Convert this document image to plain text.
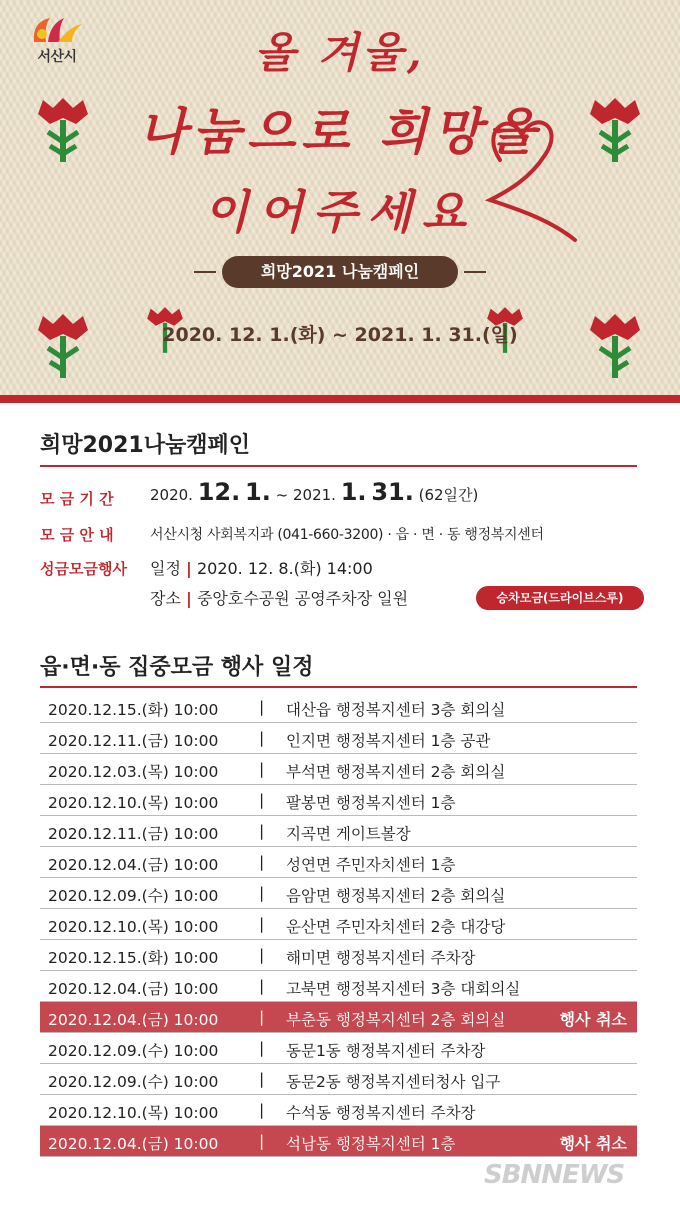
서산시	올 겨울,
나눔으로 희망을
이어주세요
희망2021 나눔캠페인
2020. 12. 1.(화) ~ 2021. 1. 31.(일)
희망2021나눔캠페인
모 금 기 간 2020. 12. 1. ~ 2021. 1. 31. (62일간)
모 금 안 내	서산시청 사회복지과 (041-660-3200) · 읍 · 면 · 동 행정복지센터
성금모금행사 일정 | 2020. 12. 8.(화) 14:00
장소 | 중앙호수공원 공영주차장 일원	승차모금(드라이브스루)
읍·면·동 집중모금 행사 일정
2020.12.15.(화) 10:00	| 대산읍 행정복지센터 3층 회의실
2020.12.11.(금) 10:00	| 인지면 행정복지센터 1층 공관
2020.12.03.(목) 10:00	| 부석면 행정복지센터 2층 회의실
2020.12.10.(목) 10:00	| 팔봉면 행정복지센터 1층
2020.12.11.(금) 10:00	| 지곡면 게이트볼장
2020.12.04.(금) 10:00	| 성연면 주민자치센터 1층
2020.12.09.(수) 10:00	| 음암면 행정복지센터 2층 회의실
2020.12.10.(목) 10:00	| 운산면 주민자치센터 2층 대강당
2020.12.15.(화) 10:00	| 해미면 행정복지센터 주차장
2020.12.04.(금) 10:00	| 고북면 행정복지센터 3층 대회의실
2020.12.04.(금) 10:00	| 부춘동 행정복지센터 2층 회의실	행사 취소
2020.12.09.(수) 10:00	| 동문1동 행정복지센터 주차장
2020.12.09.(수) 10:00	| 동문2동 행정복지센터청사 입구
2020.12.10.(목) 10:00	| 수석동 행정복지센터 주차장
2020.12.04.(금) 10:00	| 석남동 행정복지센터 1층	행사 취소
SBNNEWS
